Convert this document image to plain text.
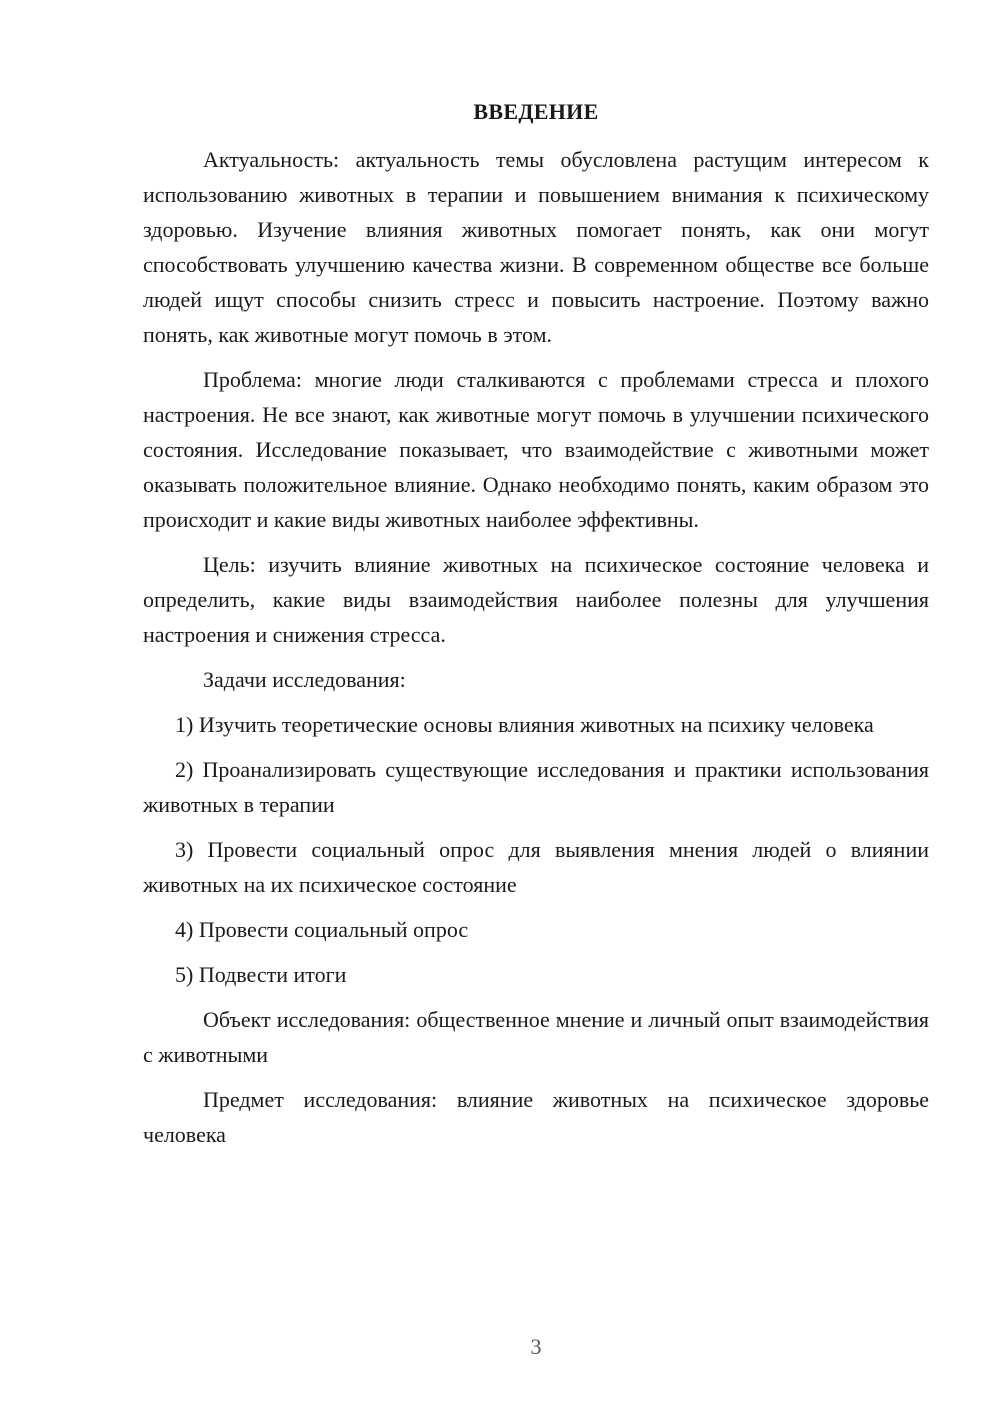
ВВЕДЕНИЕ

Актуальность: актуальность темы обусловлена растущим интересом к использованию животных в терапии и повышением внимания к психическому здоровью. Изучение влияния животных помогает понять, как они могут способствовать улучшению качества жизни. В современном обществе все больше людей ищут способы снизить стресс и повысить настроение. Поэтому важно понять, как животные могут помочь в этом.

Проблема: многие люди сталкиваются с проблемами стресса и плохого настроения. Не все знают, как животные могут помочь в улучшении психического состояния. Исследование показывает, что взаимодействие с животными может оказывать положительное влияние. Однако необходимо понять, каким образом это происходит и какие виды животных наиболее эффективны.

Цель: изучить влияние животных на психическое состояние человека и определить, какие виды взаимодействия наиболее полезны для улучшения настроения и снижения стресса.

Задачи исследования:

1) Изучить теоретические основы влияния животных на психику человека

2) Проанализировать существующие исследования и практики использования животных в терапии

3) Провести социальный опрос для выявления мнения людей о влиянии животных на их психическое состояние

4) Провести социальный опрос

5) Подвести итоги

Объект исследования: общественное мнение и личный опыт взаимодействия с животными

Предмет исследования: влияние животных на психическое здоровье человека

3
